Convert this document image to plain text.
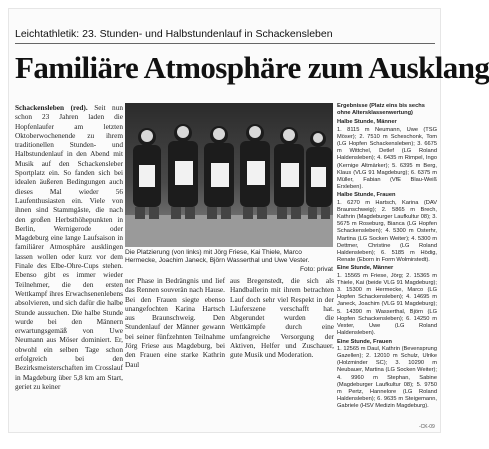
Leichtathletik: 23. Stunden- und Halbstundenlauf in Schackensleben
Familiäre Atmosphäre zum Ausklang
Schackensleben (red). Seit nun schon 23 Jahren laden die Hopfenlaufer am letzten Oktoberwochenende zu ihrem traditionellen Stunden- und Halbstundenlauf in den Abend mit Musik auf den Schackensleber Sportplatz ein. So fanden sich bei idealen äußeren Bedingungen auch dieses Mal wieder 56 Laufenthusiasten ein. Viele von ihnen sind Stammgäste, die nach den großen Herbsthöhepunkten in Berlin, Wernigerode oder Magdeburg eine lange Laufsaison in familiärer Atmosphäre ausklingen lassen wollen oder kurz vor dem Finale des Elbe-Ohre-Cups stehen. Ebenso gibt es immer wieder Teilnehmer, die den ersten Wettkampf ihres Erwachsenenlebens absolvieren, und sich dafür die halbe Stunde aussuchen. Die halbe Stunde wurde bei den Männern erwartungsgemäß von Uwe Neumann aus Möser dominiert. Er, obwohl ein selben Tage schon erfolgreich bei den Bezirksmeisterschaften im Crosslauf in Magdeburg über 5,8 km am Start, geriet zu keiner
Die Platzierung (von links) mit Jörg Friese, Kai Thiele, Marco Hermecke, Joachim Janeck, Björn Wasserthal und Uwe Vester.
Foto: privat
ner Phase in Bedrängnis und lief das Rennen souverän nach Hause. Bei den Frauen siegte ebenso unangefochten Karina Hartsch aus Braunschweig. Den Stundenlauf der Männer gewann bei seiner fünfzehnten Teilnahme Jörg Friese aus Magdeburg, bei den Frauen eine starke Kathrin Daul
aus Bregenstedt, die sich als Handballerin mit ihrem betrachten Lauf doch sehr viel Respekt in der Läuferszene verschafft hat. Abgerundet wurden die Wettkämpfe durch eine umfangreiche Versorgung der Aktiven, Helfer und Zuschauer, gute Musik und Moderation.
Ergebnisse (Platz eins bis sechs ohne Altersklassenwertung)
Halbe Stunde, Männer
1. 8115 m Neumann, Uwe (TSG Möser); 2. 7510 m Scheschonk, Tom (LG Hopfen Schackensleben); 3. 6675 m Wittchel, Detlef (LG Roland Haldensleben); 4. 6435 m Rimpel, Ingo (Kernige Altmärker); 5. 6395 m Berg, Klaus (VLG 91 Magdeburg); 6. 6375 m Müller, Fabian (VfE Blau-Weiß Erxleben).
Halbe Stunde, Frauen
1. 6270 m Hartsch, Karina (DAV Braunschweig); 2. 5865 m Brech, Kathrin (Magdeburger Laufkultur 08); 3. 5675 m Roseburg, Bianca (LG Hopfen Schackensleben); 4. 5300 m Osterhr, Martina (LG Socken Weiter); 4. 5300 m Dettmer, Christine (LG Roland Haldensleben); 6. 5185 m Hödig, Renate (Eborn in Form Wolmirstedt).
Eine Stunde, Männer
1. 15565 m Friese, Jörg; 2. 15365 m Thiele, Kai (beide VLG 91 Magdeburg); 3. 15300 m Hermecke, Marco (LG Hopfen Schackensleben); 4. 14695 m Janeck, Joachim (VLG 91 Magdeburg); 5. 14390 m Wasserthal, Björn (LG Hopfen Schackensleben); 6. 14250 m Vester, Uwe (LG Roland Haldensleben).
Eine Stunde, Frauen
1. 12565 m Daul, Kathrin (Bevensprung Gazellen); 2. 12010 m Schulz, Ulrike (Holzminder SC); 3. 10290 m Neubauer, Martina (LG Socken Weiter); 4. 9960 m Stephan, Sabine (Magdeburger Laufkultur 08); 5. 9750 m Pertz, Hannelore (LG Roland Haldensleben); 6. 9635 m Steigemann, Gabriele (HSV Medizin Magdeburg).
-CK-09
